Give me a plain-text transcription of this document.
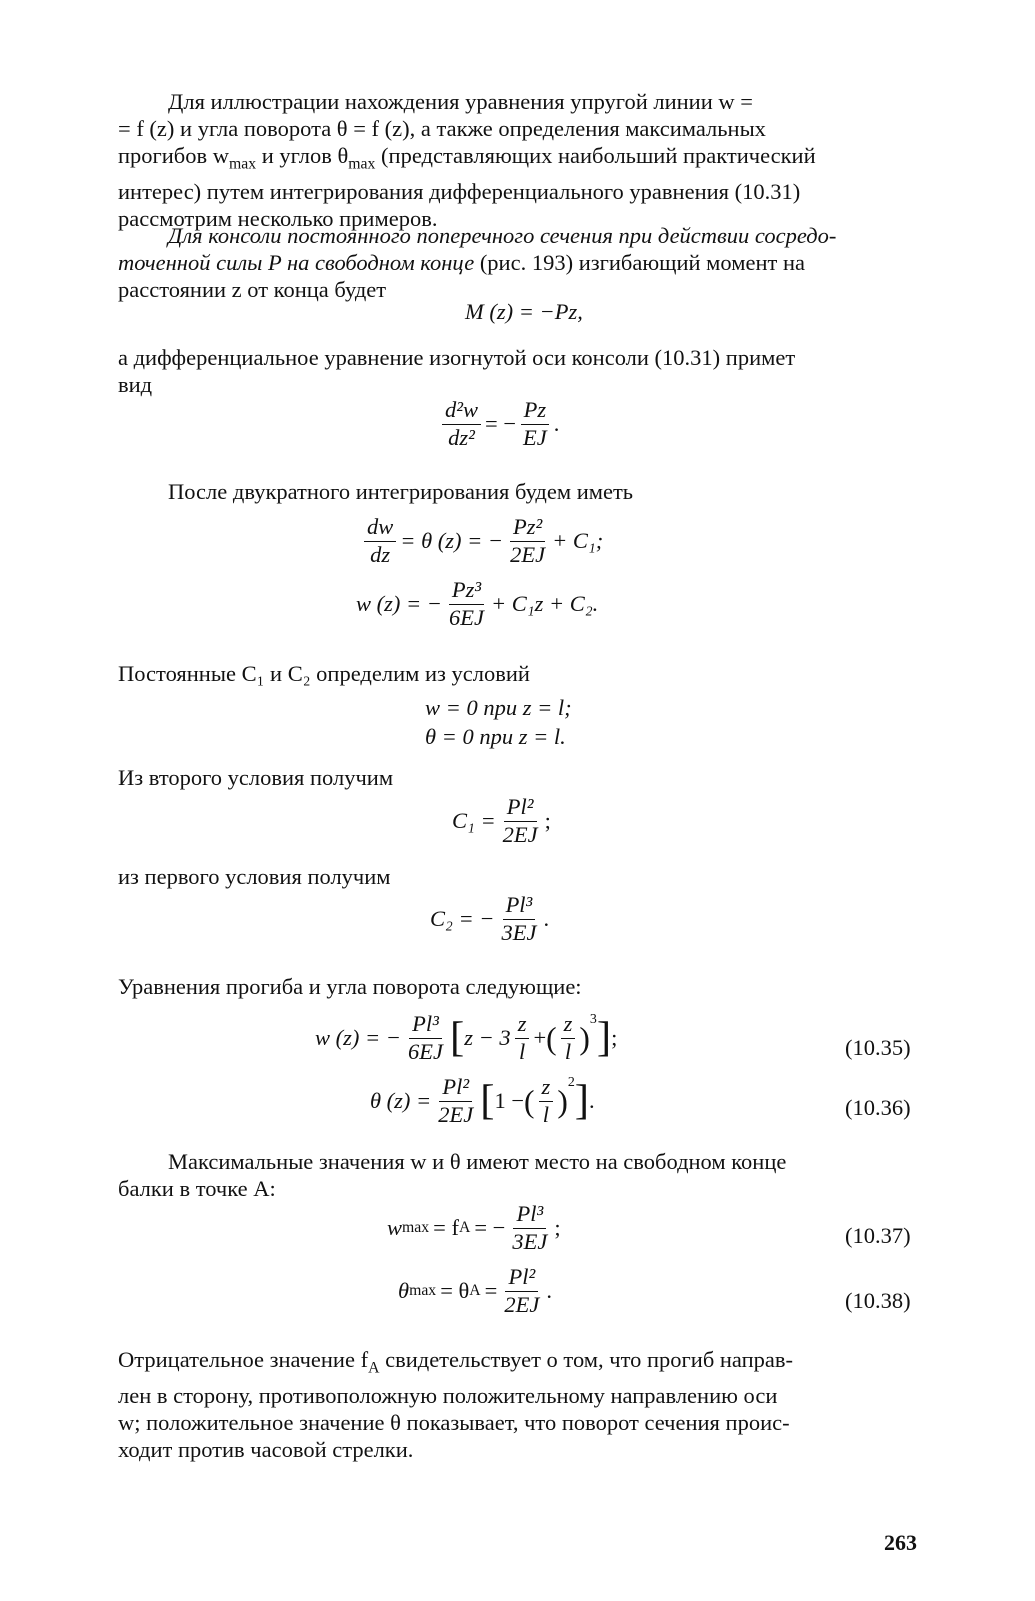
Для иллюстрации нахождения уравнения упругой линии w =
= f (z) и угла поворота θ = f (z), а также определения максимальных
прогибов $w_{max}$ и углов $\theta_{max}$ (представляющих наибольший практический
интерес) путем интегрирования дифференциального уравнения (10.31)
рассмотрим несколько примеров.
Для консоли постоянного поперечного сечения при действии сосредо-
точенной силы P на свободном конце (рис. 193) изгибающий момент на
расстоянии z от конца будет
M (z) = −Pz,
а дифференциальное уравнение изогнутой оси консоли (10.31) примет
вид
$\frac{\text{d²w}}{\text{dz²}}$ = − $\frac{Pz}{EJ}$ .
После двукратного интегрирования будем иметь
$\frac{dw}{dz} = \theta$ (z) = − $\frac{\text{Pz²}}{2EJ} + C_1$;
w (z) = − $\frac{\text{Pz³}}{6EJ} + C_1z + C_2$.
Постоянные C₁ и C₂ определим из условий
w = 0 при z = l;
θ = 0 при z = l.
Из второго условия получим
$C_1 = \frac{\text{Pl²}}{2EJ}$ ;
из первого условия получим
C₂ = − $\frac{\text{Pl³}}{3EJ}$ .
Уравнения прогиба и угла поворота следующие:
w (z) = − $\frac{\text{Pl³}}{6EJ}$ [ $z - 3 \frac{z}{l}$ + ( $\frac{z}{l}$ )
3 ] ;	(10.35)
θ $(z) = \frac{\text{Pl²}}{2EJ}$ [ 1 − ( $\frac{z}{l}$ )
2 ] .	(10.36)
Максимальные значения w и θ имеют место на свободном конце
балки в точке A:
w max = f A = − $\frac{\text{Pl³}}{3EJ}$ ;	(10.37)
θ max = θ $A = \frac{\text{Pl²}}{2EJ}$ .	(10.38)
Отрицательное значение $f_A$ свидетельствует о том, что прогиб направ-
лен в сторону, противоположную положительному направлению оси
w; положительное значение θ показывает, что поворот сечения проис-
ходит против часовой стрелки.
263
